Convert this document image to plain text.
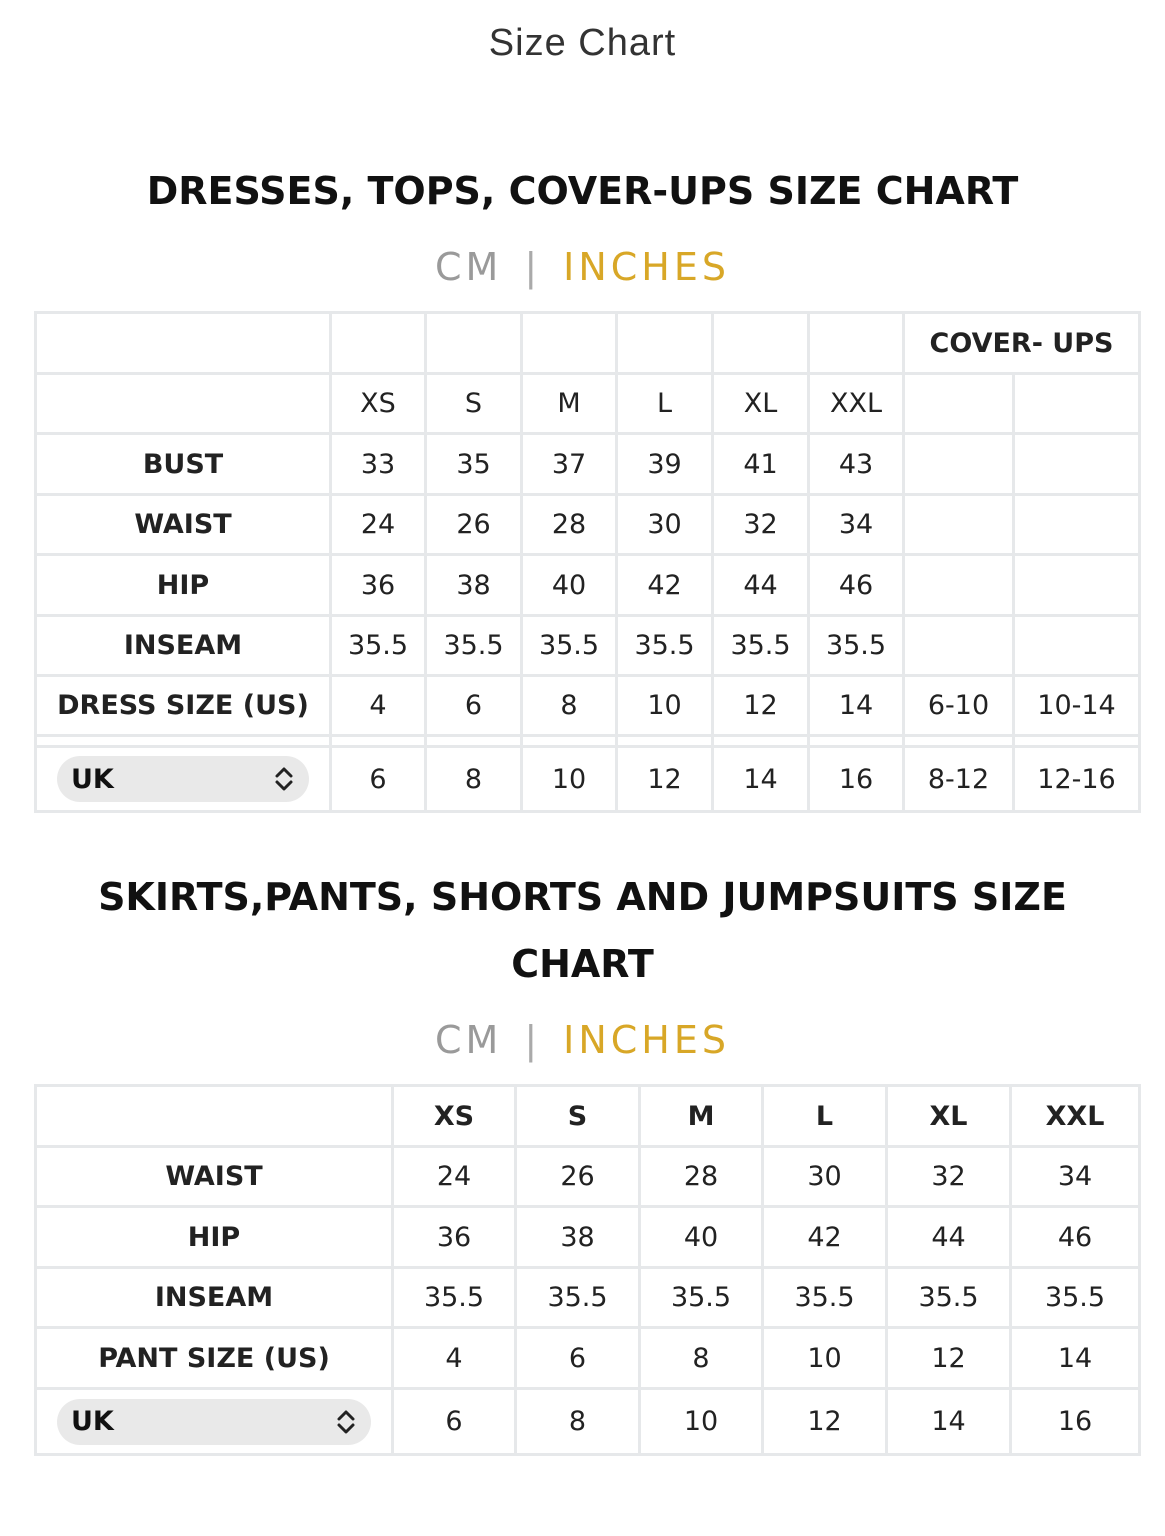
Size Chart
DRESSES, TOPS, COVER-UPS SIZE CHART
CM | INCHES
							COVER- UPS	
	XS	S	M	L	XL	XXL		
BUST	33	35	37	39	41	43		
WAIST	24	26	28	30	32	34		
HIP	36	38	40	42	44	46		
INSEAM	35.5	35.5	35.5	35.5	35.5	35.5		
DRESS SIZE (US)	4	6	8	10	12	14	6-10	10-14

UK	6	8	10	12	14	16	8-12	12-16
SKIRTS,PANTS, SHORTS AND JUMPSUITS SIZE
CHART
CM | INCHES
	XS	S	M	L	XL	XXL
WAIST	24	26	28	30	32	34
HIP	36	38	40	42	44	46
INSEAM	35.5	35.5	35.5	35.5	35.5	35.5
PANT SIZE (US)	4	6	8	10	12	14

UK	6	8	10	12	14	16
